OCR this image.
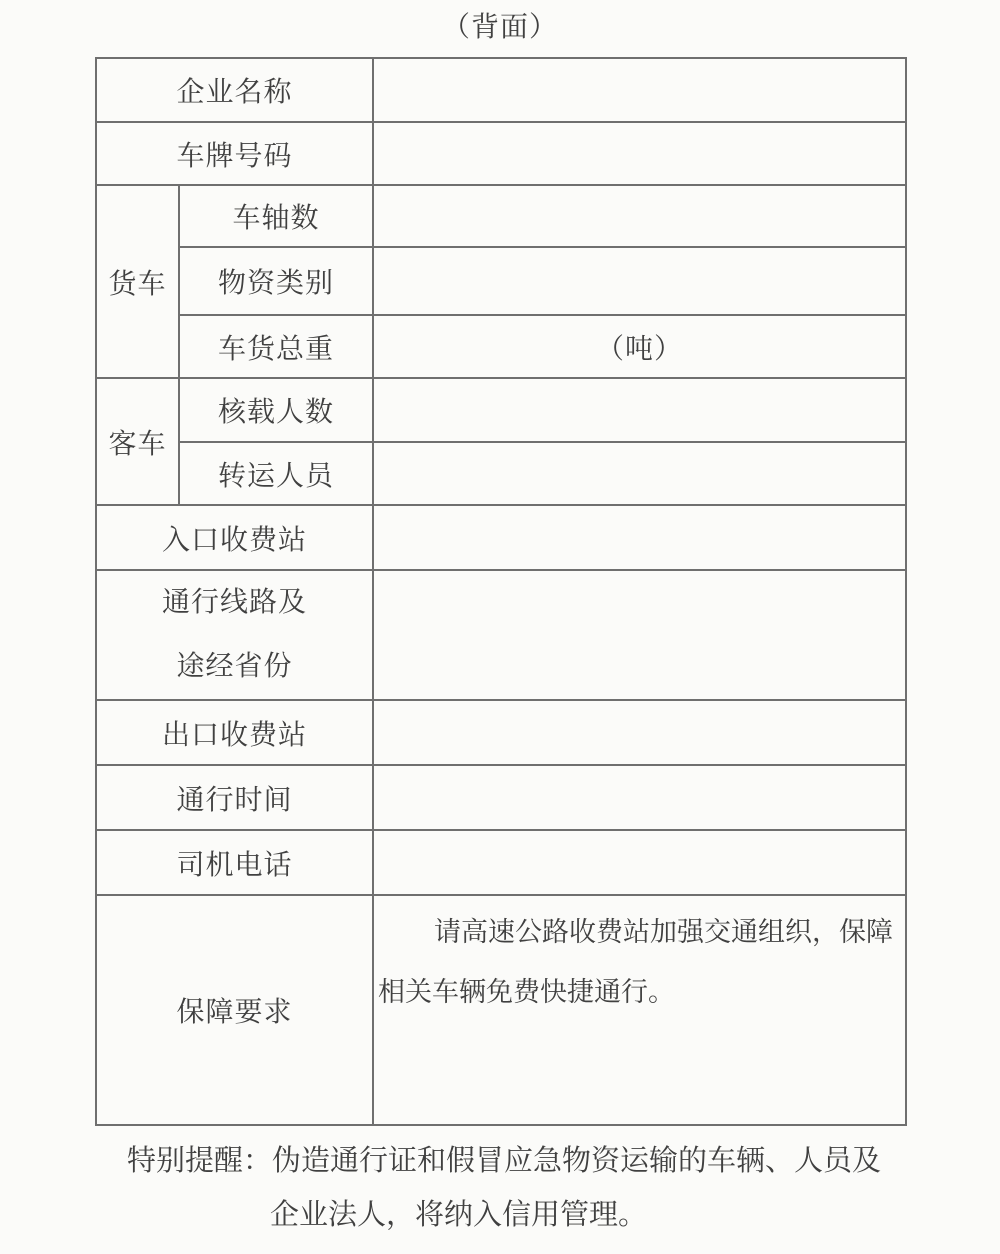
（背面）
企业名称		
车牌号码		
货车	车轴数	
	物资类别	
	车货总重	（吨）
客车	核载人数	
	转运人员	
入口收费站		

通行线路及
途经省份		

出口收费站		
通行时间		
司机电话		
保障要求		请高速公路收费站加强交通组织，保障相关车辆免费快捷通行。
特别提醒：伪造通行证和假冒应急物资运输的车辆、人员及
企业法人，将纳入信用管理。
